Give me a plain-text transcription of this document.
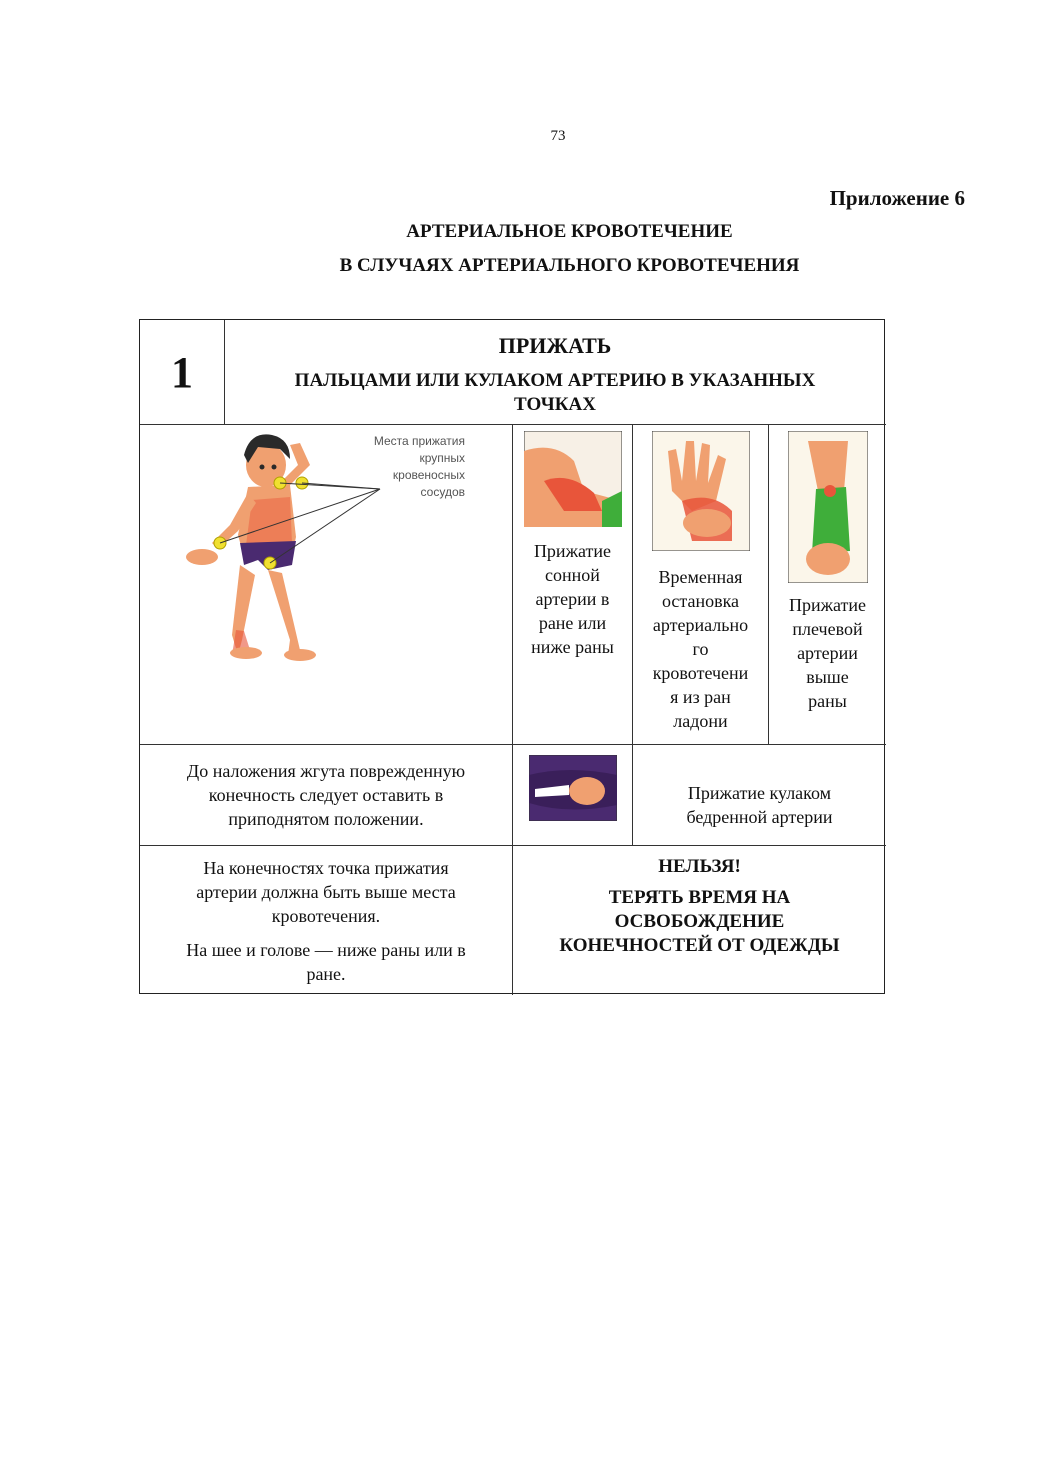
73
Приложение 6
АРТЕРИАЛЬНОЕ КРОВОТЕЧЕНИЕ
В СЛУЧАЯХ АРТЕРИАЛЬНОГО КРОВОТЕЧЕНИЯ
1
ПРИЖАТЬ
ПАЛЬЦАМИ ИЛИ КУЛАКОМ АРТЕРИЮ В УКАЗАННЫХ ТОЧКАХ
Места прижатия
крупных
кровеносных
сосудов
Прижатие
сонной
артерии в
ране или
ниже раны
Временная
остановка
артериально
го
кровотечени
я из ран
ладони
Прижатие
плечевой
артерии
выше
раны
До наложения жгута поврежденную
конечность следует оставить в
приподнятом положении.
Прижатие кулаком
бедренной артерии
На конечностях точка прижатия
артерии должна быть выше места
кровотечения.
На шее и голове — ниже раны или в
ране.
НЕЛЬЗЯ!
ТЕРЯТЬ ВРЕМЯ НА
ОСВОБОЖДЕНИЕ
КОНЕЧНОСТЕЙ ОТ ОДЕЖДЫ
